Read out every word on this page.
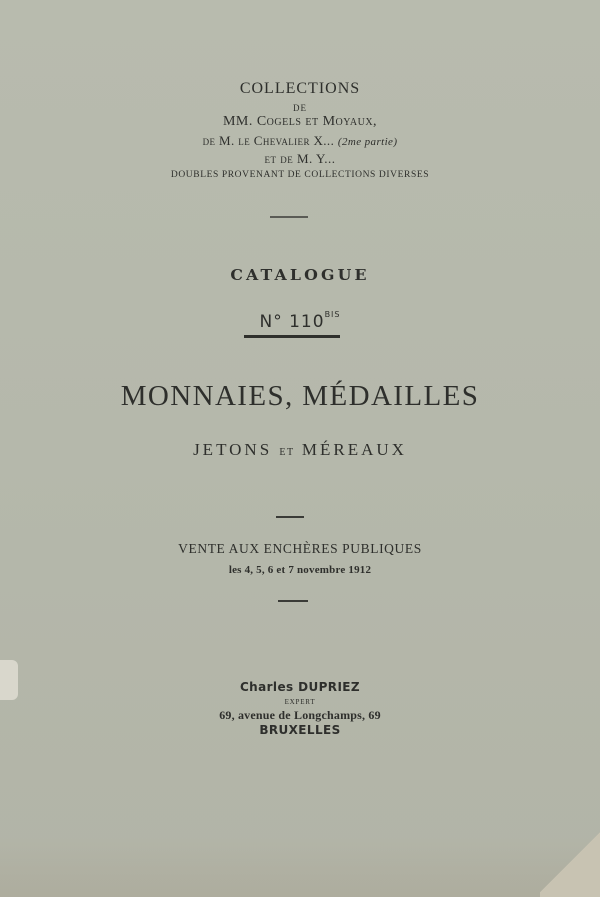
COLLECTIONS
DE
MM. Cogels et Moyaux,
de M. le Chevalier X... (2me partie)
et de M. Y...
DOUBLES PROVENANT DE COLLECTIONS DIVERSES
CATALOGUE
N° $110^{BIS}$
MONNAIES, MÉDAILLES
JETONS ET MÉREAUX
VENTE AUX ENCHÈRES PUBLIQUES
les 4, 5, 6 et 7 novembre 1912
Charles DUPRIEZ
EXPERT
69, avenue de Longchamps, 69
BRUXELLES
